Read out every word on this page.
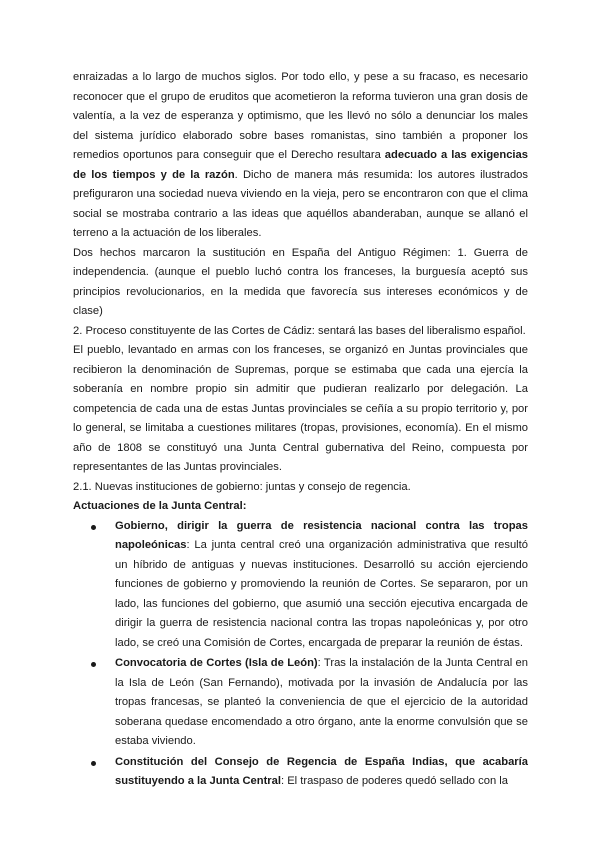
enraizadas a lo largo de muchos siglos. Por todo ello, y pese a su fracaso, es necesario reconocer que el grupo de eruditos que acometieron la reforma tuvieron una gran dosis de valentía, a la vez de esperanza y optimismo, que les llevó no sólo a denunciar los males del sistema jurídico elaborado sobre bases romanistas, sino también a proponer los remedios oportunos para conseguir que el Derecho resultara adecuado a las exigencias de los tiempos y de la razón. Dicho de manera más resumida: los autores ilustrados prefiguraron una sociedad nueva viviendo en la vieja, pero se encontraron con que el clima social se mostraba contrario a las ideas que aquéllos abanderaban, aunque se allanó el terreno a la actuación de los liberales.

Dos hechos marcaron la sustitución en España del Antiguo Régimen: 1. Guerra de independencia. (aunque el pueblo luchó contra los franceses, la burguesía aceptó sus principios revolucionarios, en la medida que favorecía sus intereses económicos y de clase)

2. Proceso constituyente de las Cortes de Cádiz: sentará las bases del liberalismo español.

El pueblo, levantado en armas con los franceses, se organizó en Juntas provinciales que recibieron la denominación de Supremas, porque se estimaba que cada una ejercía la soberanía en nombre propio sin admitir que pudieran realizarlo por delegación. La competencia de cada una de estas Juntas provinciales se ceñía a su propio territorio y, por lo general, se limitaba a cuestiones militares (tropas, provisiones, economía). En el mismo año de 1808 se constituyó una Junta Central gubernativa del Reino, compuesta por representantes de las Juntas provinciales.

2.1. Nuevas instituciones de gobierno: juntas y consejo de regencia.

Actuaciones de la Junta Central:

Gobierno, dirigir la guerra de resistencia nacional contra las tropas napoleónicas: La junta central creó una organización administrativa que resultó un híbrido de antiguas y nuevas instituciones. Desarrolló su acción ejerciendo funciones de gobierno y promoviendo la reunión de Cortes. Se separaron, por un lado, las funciones del gobierno, que asumió una sección ejecutiva encargada de dirigir la guerra de resistencia nacional contra las tropas napoleónicas y, por otro lado, se creó una Comisión de Cortes, encargada de preparar la reunión de éstas.
Convocatoria de Cortes (Isla de León): Tras la instalación de la Junta Central en la Isla de León (San Fernando), motivada por la invasión de Andalucía por las tropas francesas, se planteó la conveniencia de que el ejercicio de la autoridad soberana quedase encomendado a otro órgano, ante la enorme convulsión que se estaba viviendo.
Constitución del Consejo de Regencia de España Indias, que acabaría sustituyendo a la Junta Central: El traspaso de poderes quedó sellado con la
